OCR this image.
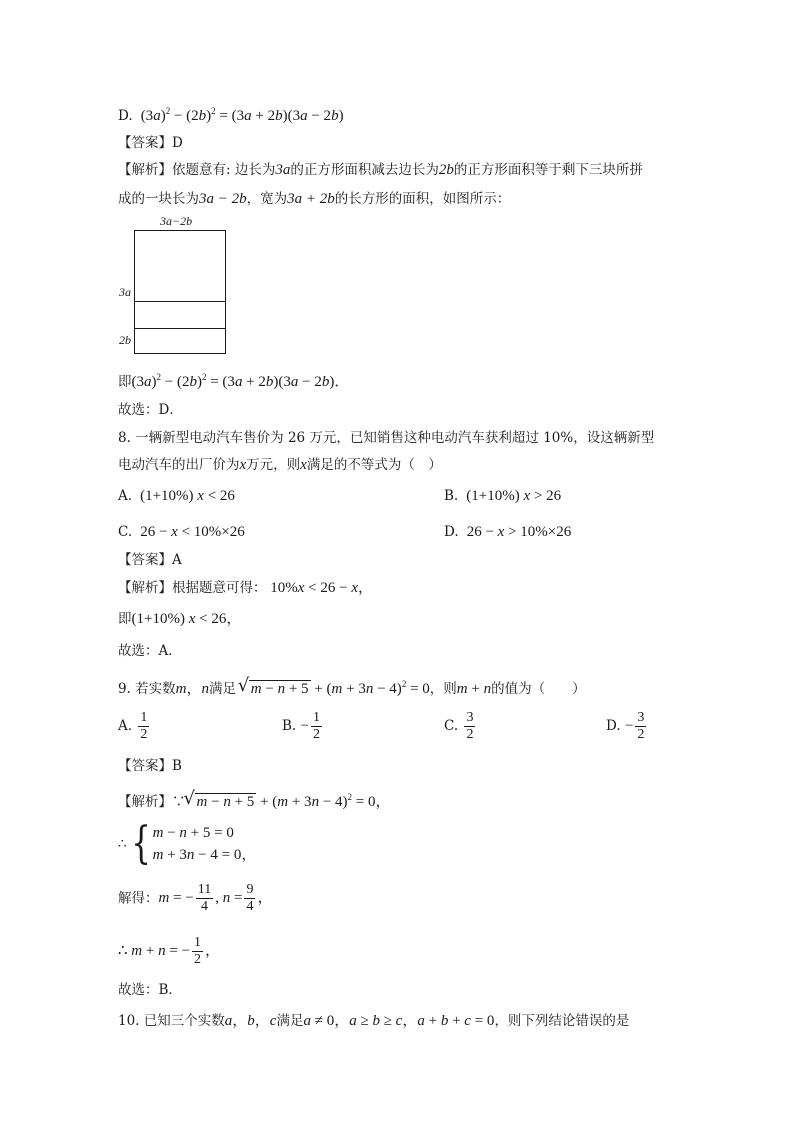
D.  $(3a)^2 - (2b)^2 = (3a + 2b)(3a - 2b)$
【答案】D
【解析】依题意有: 边长为3a的正方形面积减去边长为2b的正方形面积等于剩下三块所拼
成的一块长为3a − 2b，宽为3a + 2b的长方形的面积，如图所示：
3a−2b
3a
2b
即$(3a)^2 - (2b)^2 = (3a + 2b)(3a - 2b)$．
故选：D．
8. 一辆新型电动汽车售价为 26 万元，已知销售这种电动汽车获利超过 10%，设这辆新型
电动汽车的出厂价为x万元，则x满足的不等式为（　）
A.  (1+10%) x < 26	B.  (1+10%) x > 26
C.  26 − x < 10%×26	D.  26 − x > 10%×26
【答案】A
【解析】根据题意可得： 10%x < 26 − x，
即(1+10%) x < 26，
故选：A．
9. 若实数m，n满足 √ $m - n + 5 + (m + 3n - 4)^2 = 0$，则m + n的值为（　　）
A. $\frac{1}{2}$	B. − $\frac{1}{2}$	C. $\frac{3}{2}$	D. − $\frac{3}{2}$
【答案】B
【解析】∵
√ $m - n + 5 + (m + 3n - 4)^2 = 0$，
∴{ m − n + 5 = 0
m + 3n − 4 = 0，
解得：m = − $\frac{11}{4}$ , $n = \frac{9}{4}$ ，
∴ m + n = − $\frac{1}{2}$ ，
故选：B．
10. 已知三个实数a，b，c满足a ≠ 0，a ≥ b ≥ c，a + b + c = 0，则下列结论错误的是
